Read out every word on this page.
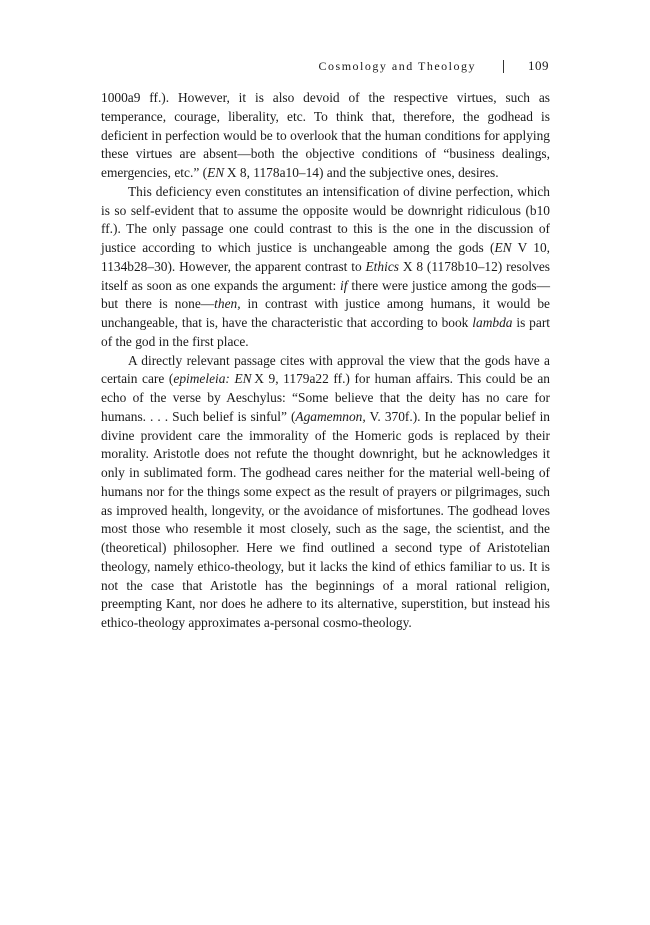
Cosmology and Theology	109

1000a9 ff.). However, it is also devoid of the respective virtues, such as temperance, courage, liberality, etc. To think that, therefore, the godhead is deficient in perfection would be to overlook that the human conditions for applying these virtues are absent—both the objective conditions of “business dealings, emergencies, etc.” (EN X 8, 1178a10–14) and the subjective ones, desires.

This deficiency even constitutes an intensification of divine perfection, which is so self-evident that to assume the opposite would be downright ridiculous (b10 ff.). The only passage one could contrast to this is the one in the discussion of justice according to which justice is unchangeable among the gods (EN V 10, 1134b28–30). However, the apparent contrast to Ethics X 8 (1178b10–12) resolves itself as soon as one expands the argument: if there were justice among the gods—but there is none—then, in contrast with justice among humans, it would be unchangeable, that is, have the characteristic that according to book lambda is part of the god in the first place.

A directly relevant passage cites with approval the view that the gods have a certain care (epimeleia: EN X 9, 1179a22 ff.) for human affairs. This could be an echo of the verse by Aeschylus: “Some believe that the deity has no care for humans. . . . Such belief is sinful” (Agamemnon, V. 370f.). In the popular belief in divine provident care the immorality of the Homeric gods is replaced by their morality. Aristotle does not refute the thought downright, but he acknowledges it only in sublimated form. The godhead cares neither for the material well-being of humans nor for the things some expect as the result of prayers or pilgrimages, such as improved health, longevity, or the avoidance of misfortunes. The godhead loves most those who resemble it most closely, such as the sage, the scientist, and the (theoretical) philosopher. Here we find outlined a second type of Aristotelian theology, namely ethico-theology, but it lacks the kind of ethics familiar to us. It is not the case that Aristotle has the beginnings of a moral rational religion, preempting Kant, nor does he adhere to its alternative, superstition, but instead his ethico-theology approximates a-personal cosmo-theology.
